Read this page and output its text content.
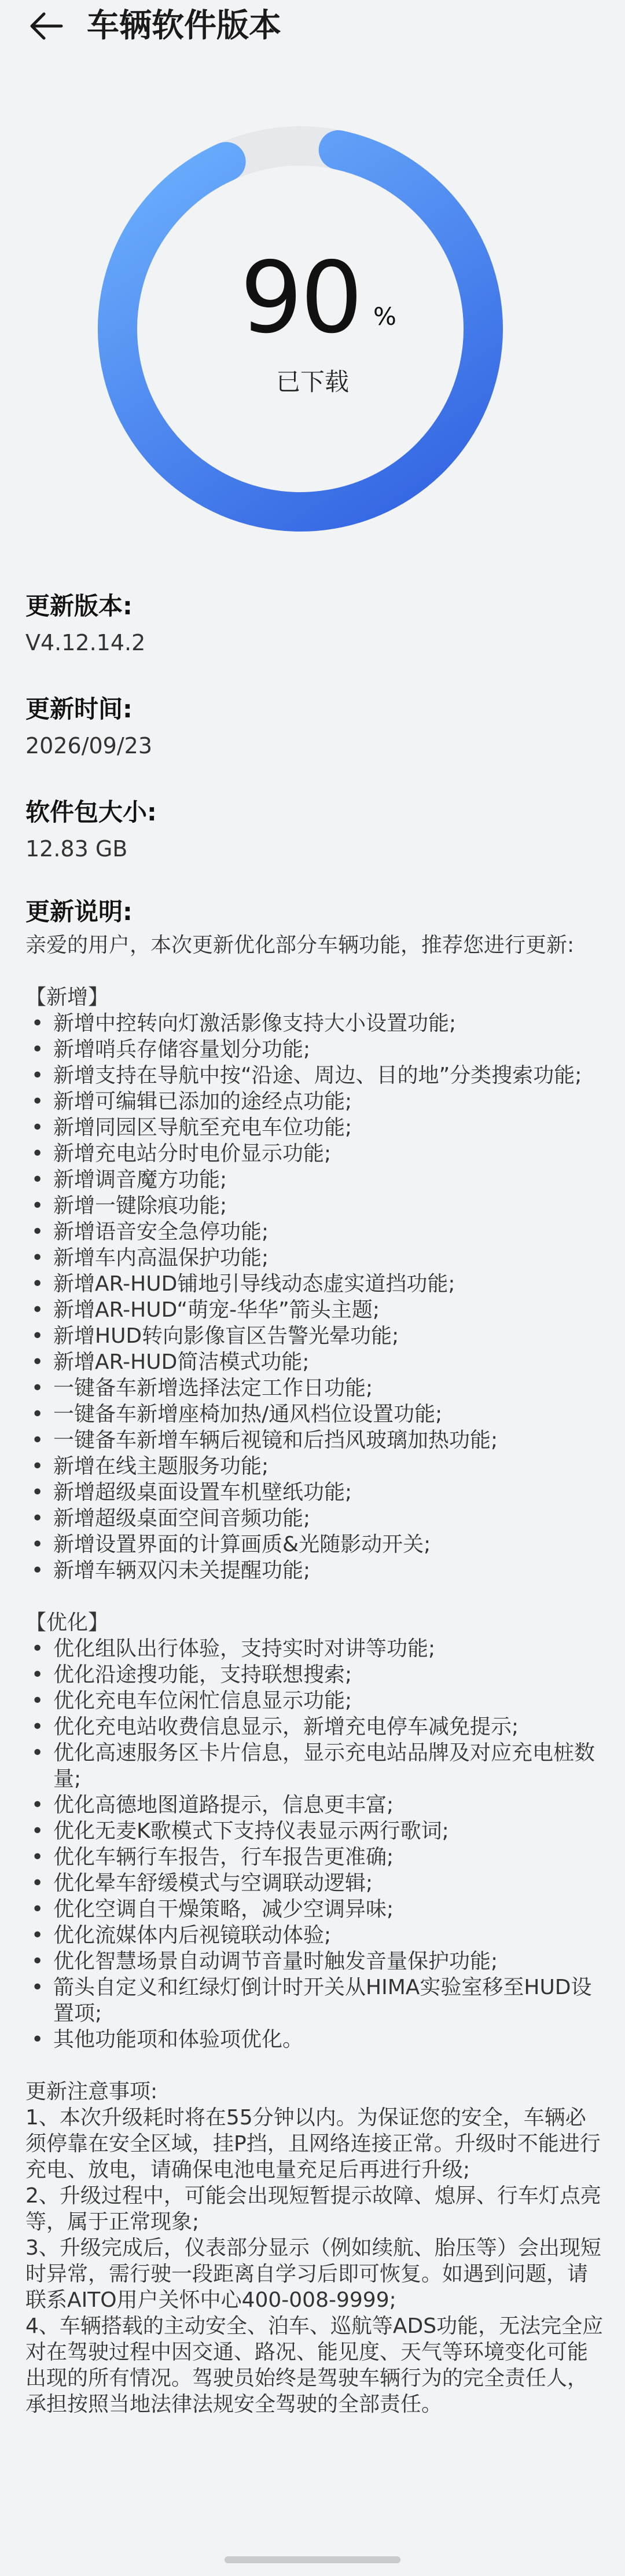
车辆软件版本
90 %
已下载
更新版本:
V4.12.14.2
更新时间:
2026/09/23
软件包大小:
12.83 GB
更新说明:

亲爱的用户，本次更新优化部分车辆功能，推荐您进行更新:

【新增】

• 新增中控转向灯激活影像支持大小设置功能;
• 新增哨兵存储容量划分功能;
• 新增支持在导航中按“沿途、周边、目的地”分类搜索功能;
• 新增可编辑已添加的途经点功能;
• 新增同园区导航至充电车位功能;
• 新增充电站分时电价显示功能;
• 新增调音魔方功能;
• 新增一键除痕功能;
• 新增语音安全急停功能;
• 新增车内高温保护功能;
• 新增AR-HUD铺地引导线动态虚实道挡功能;
• 新增AR-HUD“萌宠-华华”箭头主题;
• 新增HUD转向影像盲区告警光晕功能;
• 新增AR-HUD简洁模式功能;
• 一键备车新增选择法定工作日功能;
• 一键备车新增座椅加热/通风档位设置功能;
• 一键备车新增车辆后视镜和后挡风玻璃加热功能;
• 新增在线主题服务功能;
• 新增超级桌面设置车机壁纸功能;
• 新增超级桌面空间音频功能;
• 新增设置界面的计算画质&光随影动开关;
• 新增车辆双闪未关提醒功能;

【优化】

• 优化组队出行体验，支持实时对讲等功能;
• 优化沿途搜功能，支持联想搜索;
• 优化充电车位闲忙信息显示功能;
• 优化充电站收费信息显示，新增充电停车减免提示;
• 优化高速服务区卡片信息，显示充电站品牌及对应充电桩数量;
• 优化高德地图道路提示，信息更丰富;
• 优化无麦K歌模式下支持仪表显示两行歌词;
• 优化车辆行车报告，行车报告更准确;
• 优化晕车舒缓模式与空调联动逻辑;
• 优化空调自干燥策略，减少空调异味;
• 优化流媒体内后视镜联动体验;
• 优化智慧场景自动调节音量时触发音量保护功能;
• 箭头自定义和红绿灯倒计时开关从HIMA实验室移至HUD设置项;
• 其他功能项和体验项优化。

更新注意事项:

1、本次升级耗时将在55分钟以内。为保证您的安全，车辆必须停靠在安全区域，挂P挡，且网络连接正常。升级时不能进行充电、放电，请确保电池电量充足后再进行升级;

2、升级过程中，可能会出现短暂提示故障、熄屏、行车灯点亮等，属于正常现象;

3、升级完成后，仪表部分显示（例如续航、胎压等）会出现短时异常，需行驶一段距离自学习后即可恢复。如遇到问题，请联系AITO用户关怀中心400-008-9999;

4、车辆搭载的主动安全、泊车、巡航等ADS功能，无法完全应对在驾驶过程中因交通、路况、能见度、天气等环境变化可能出现的所有情况。驾驶员始终是驾驶车辆行为的完全责任人，承担按照当地法律法规安全驾驶的全部责任。
